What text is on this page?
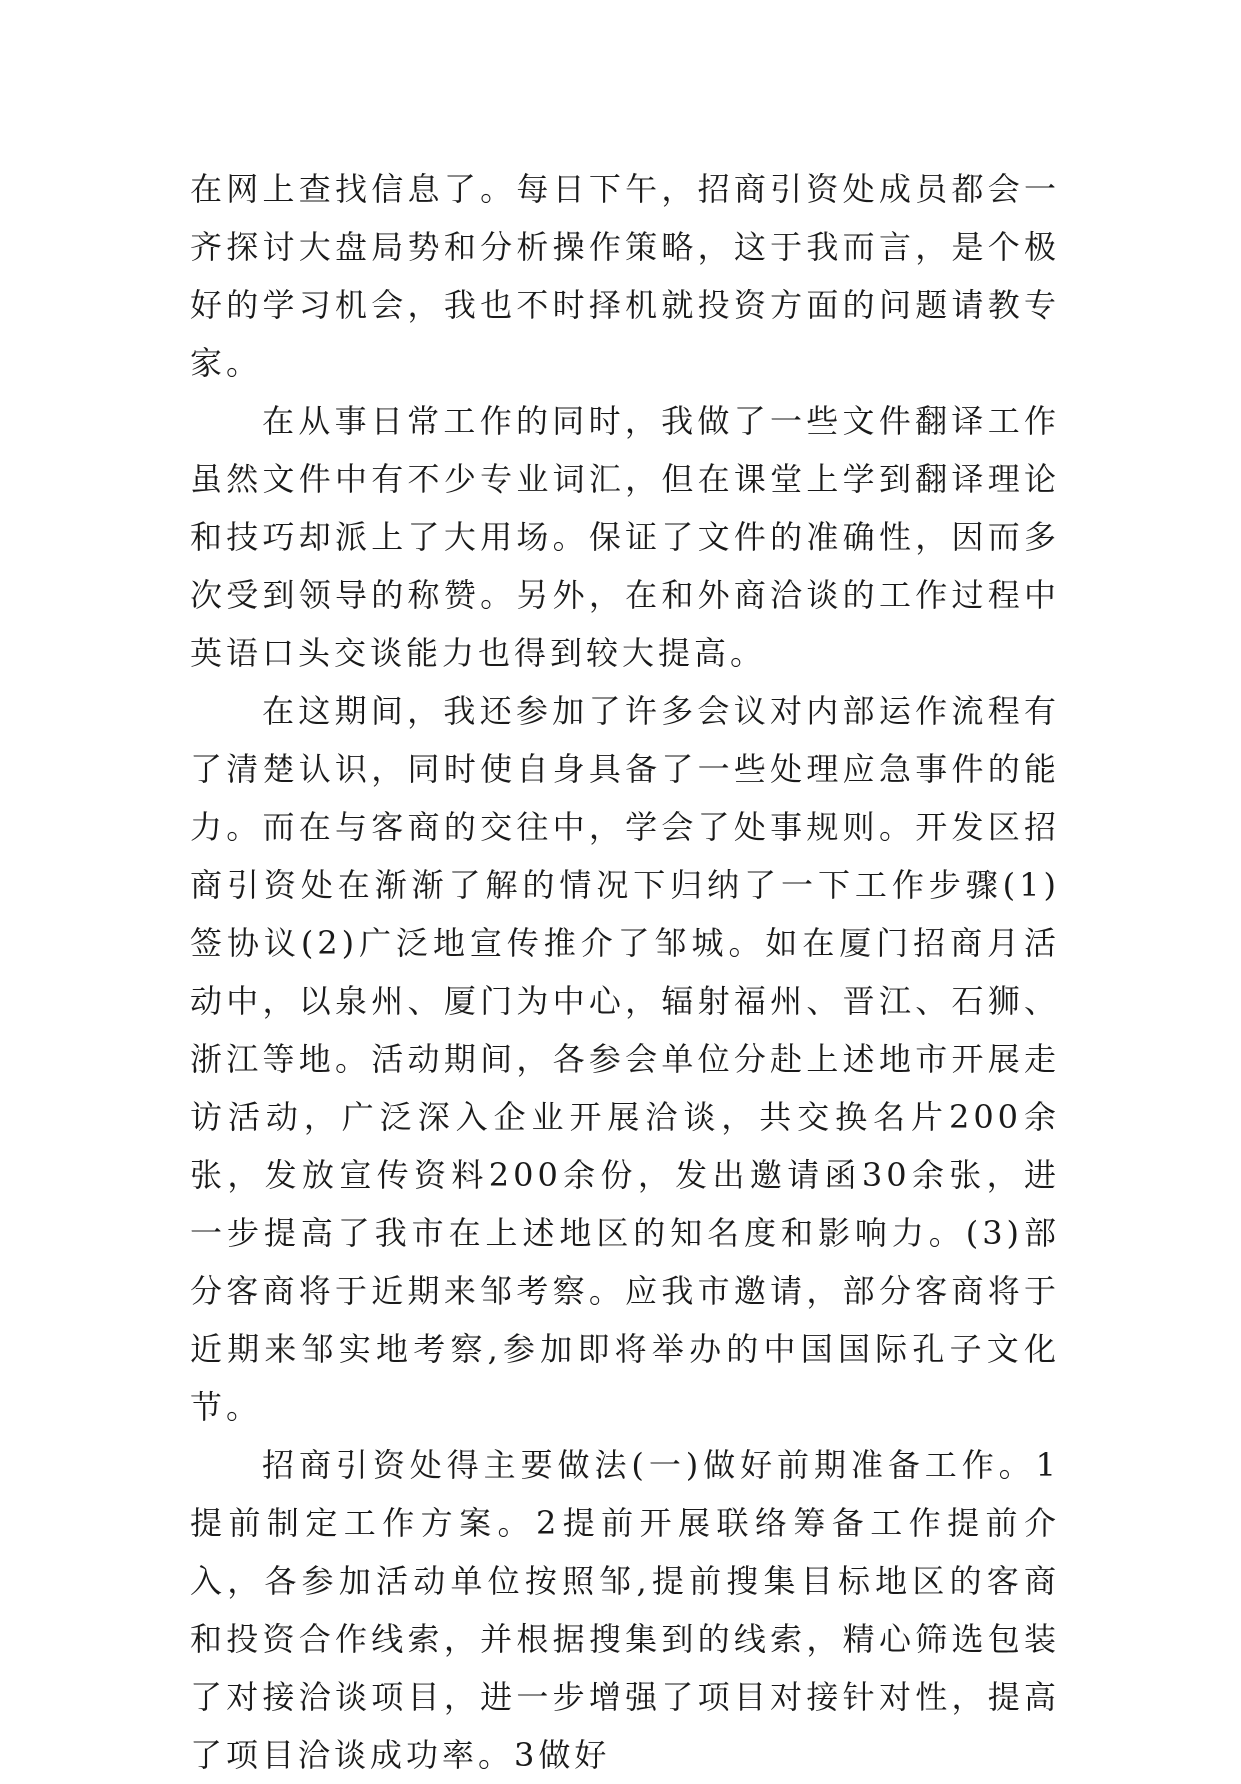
在网上查找信息了。每日下午，招商引资处成员都会一齐探讨大盘局势和分析操作策略，这于我而言，是个极好的学习机会，我也不时择机就投资方面的问题请教专家。

在从事日常工作的同时，我做了一些文件翻译工作虽然文件中有不少专业词汇，但在课堂上学到翻译理论和技巧却派上了大用场。保证了文件的准确性，因而多次受到领导的称赞。另外，在和外商洽谈的工作过程中英语口头交谈能力也得到较大提高。

在这期间，我还参加了许多会议对内部运作流程有了清楚认识，同时使自身具备了一些处理应急事件的能力。而在与客商的交往中，学会了处事规则。开发区招商引资处在渐渐了解的情况下归纳了一下工作步骤(1)签协议(2)广泛地宣传推介了邹城。如在厦门招商月活动中，以泉州、厦门为中心，辐射福州、晋江、石狮、浙江等地。活动期间，各参会单位分赴上述地市开展走访活动，广泛深入企业开展洽谈，共交换名片200余张，发放宣传资料200余份，发出邀请函30余张，进一步提高了我市在上述地区的知名度和影响力。(3)部分客商将于近期来邹考察。应我市邀请，部分客商将于近期来邹实地考察,参加即将举办的中国国际孔子文化节。

招商引资处得主要做法(一)做好前期准备工作。1提前制定工作方案。2提前开展联络筹备工作提前介入，各参加活动单位按照邹,提前搜集目标地区的客商和投资合作线索，并根据搜集到的线索，精心筛选包装了对接洽谈项目，进一步增强了项目对接针对性，提高了项目洽谈成功率。3做好
